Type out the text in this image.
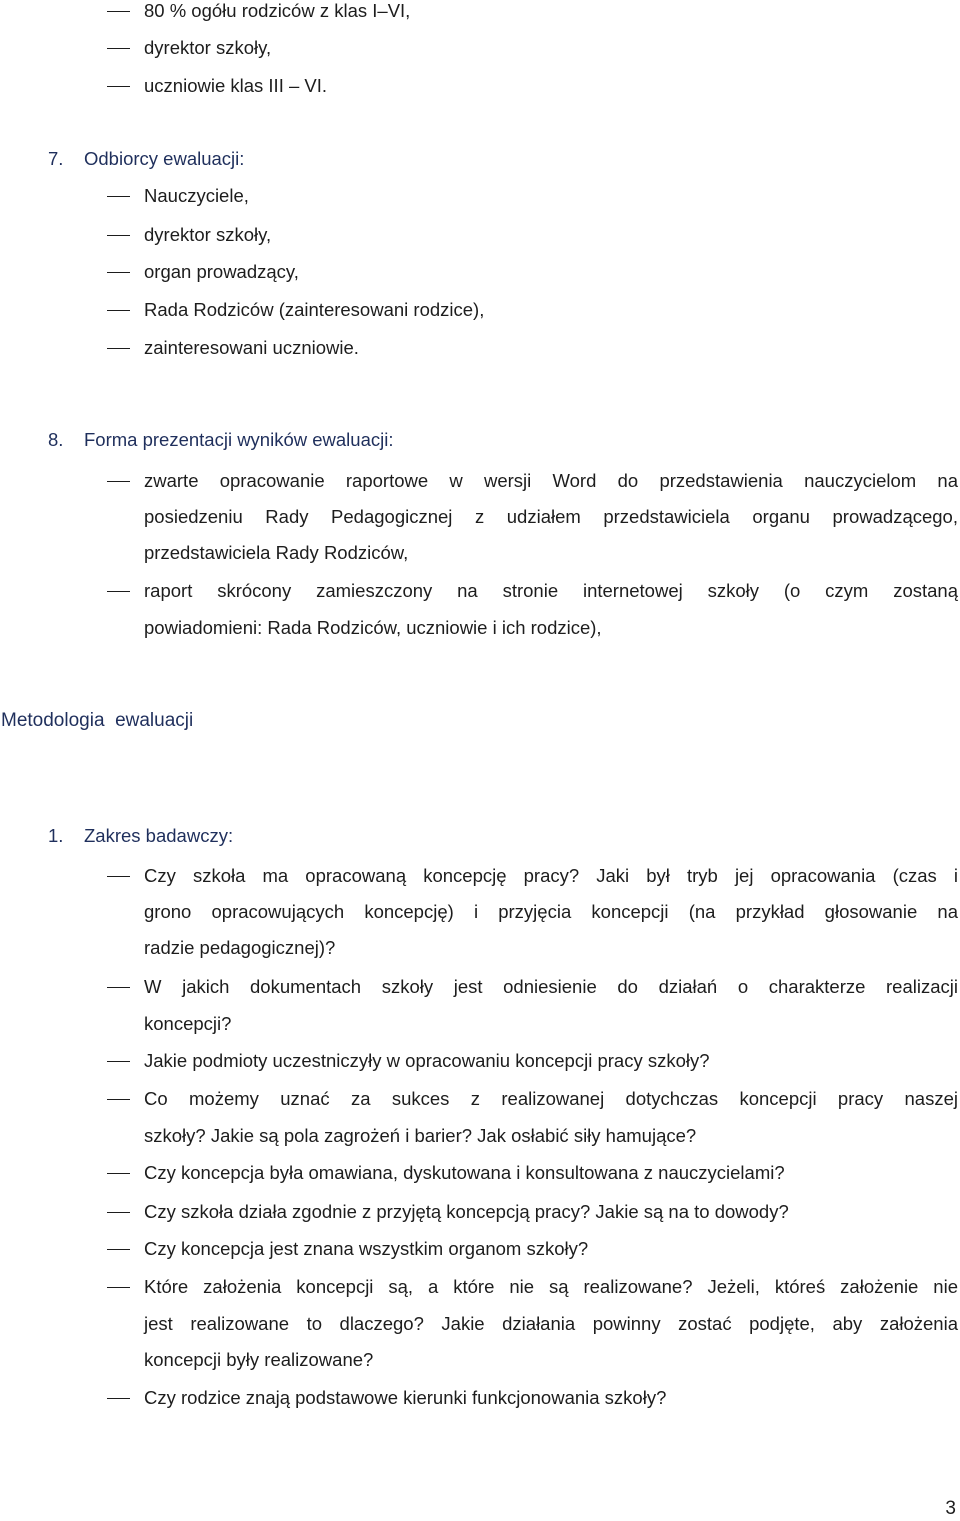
80 % ogółu rodziców z klas I–VI,
dyrektor szkoły,
uczniowie klas III – VI.
7. Odbiorcy ewaluacji:
Nauczyciele,
dyrektor szkoły,
organ prowadzący,
Rada Rodziców (zainteresowani rodzice),
zainteresowani uczniowie.
8. Forma prezentacji wyników ewaluacji:
zwarte opracowanie raportowe w wersji Word do przedstawienia nauczycielom na
posiedzeniu Rady Pedagogicznej z udziałem przedstawiciela organu prowadzącego,
przedstawiciela Rady Rodziców,
raport skrócony zamieszczony na stronie internetowej szkoły (o czym zostaną
powiadomieni: Rada Rodziców, uczniowie i ich rodzice),
Metodologia  ewaluacji
1. Zakres badawczy:
Czy szkoła ma opracowaną koncepcję pracy? Jaki był tryb jej opracowania (czas i
grono opracowujących koncepcję) i przyjęcia koncepcji (na przykład głosowanie na
radzie pedagogicznej)?
W jakich dokumentach szkoły jest odniesienie do działań o charakterze realizacji
koncepcji?
Jakie podmioty uczestniczyły w opracowaniu koncepcji pracy szkoły?
Co możemy uznać za sukces z realizowanej dotychczas koncepcji pracy naszej
szkoły? Jakie są pola zagrożeń i barier? Jak osłabić siły hamujące?
Czy koncepcja była omawiana, dyskutowana i konsultowana z nauczycielami?
Czy szkoła działa zgodnie z przyjętą koncepcją pracy? Jakie są na to dowody?
Czy koncepcja jest znana wszystkim organom szkoły?
Które założenia koncepcji są, a które nie są realizowane? Jeżeli, któreś założenie nie
jest realizowane to dlaczego? Jakie działania powinny zostać podjęte, aby założenia
koncepcji były realizowane?
Czy rodzice znają podstawowe kierunki funkcjonowania szkoły?
3
